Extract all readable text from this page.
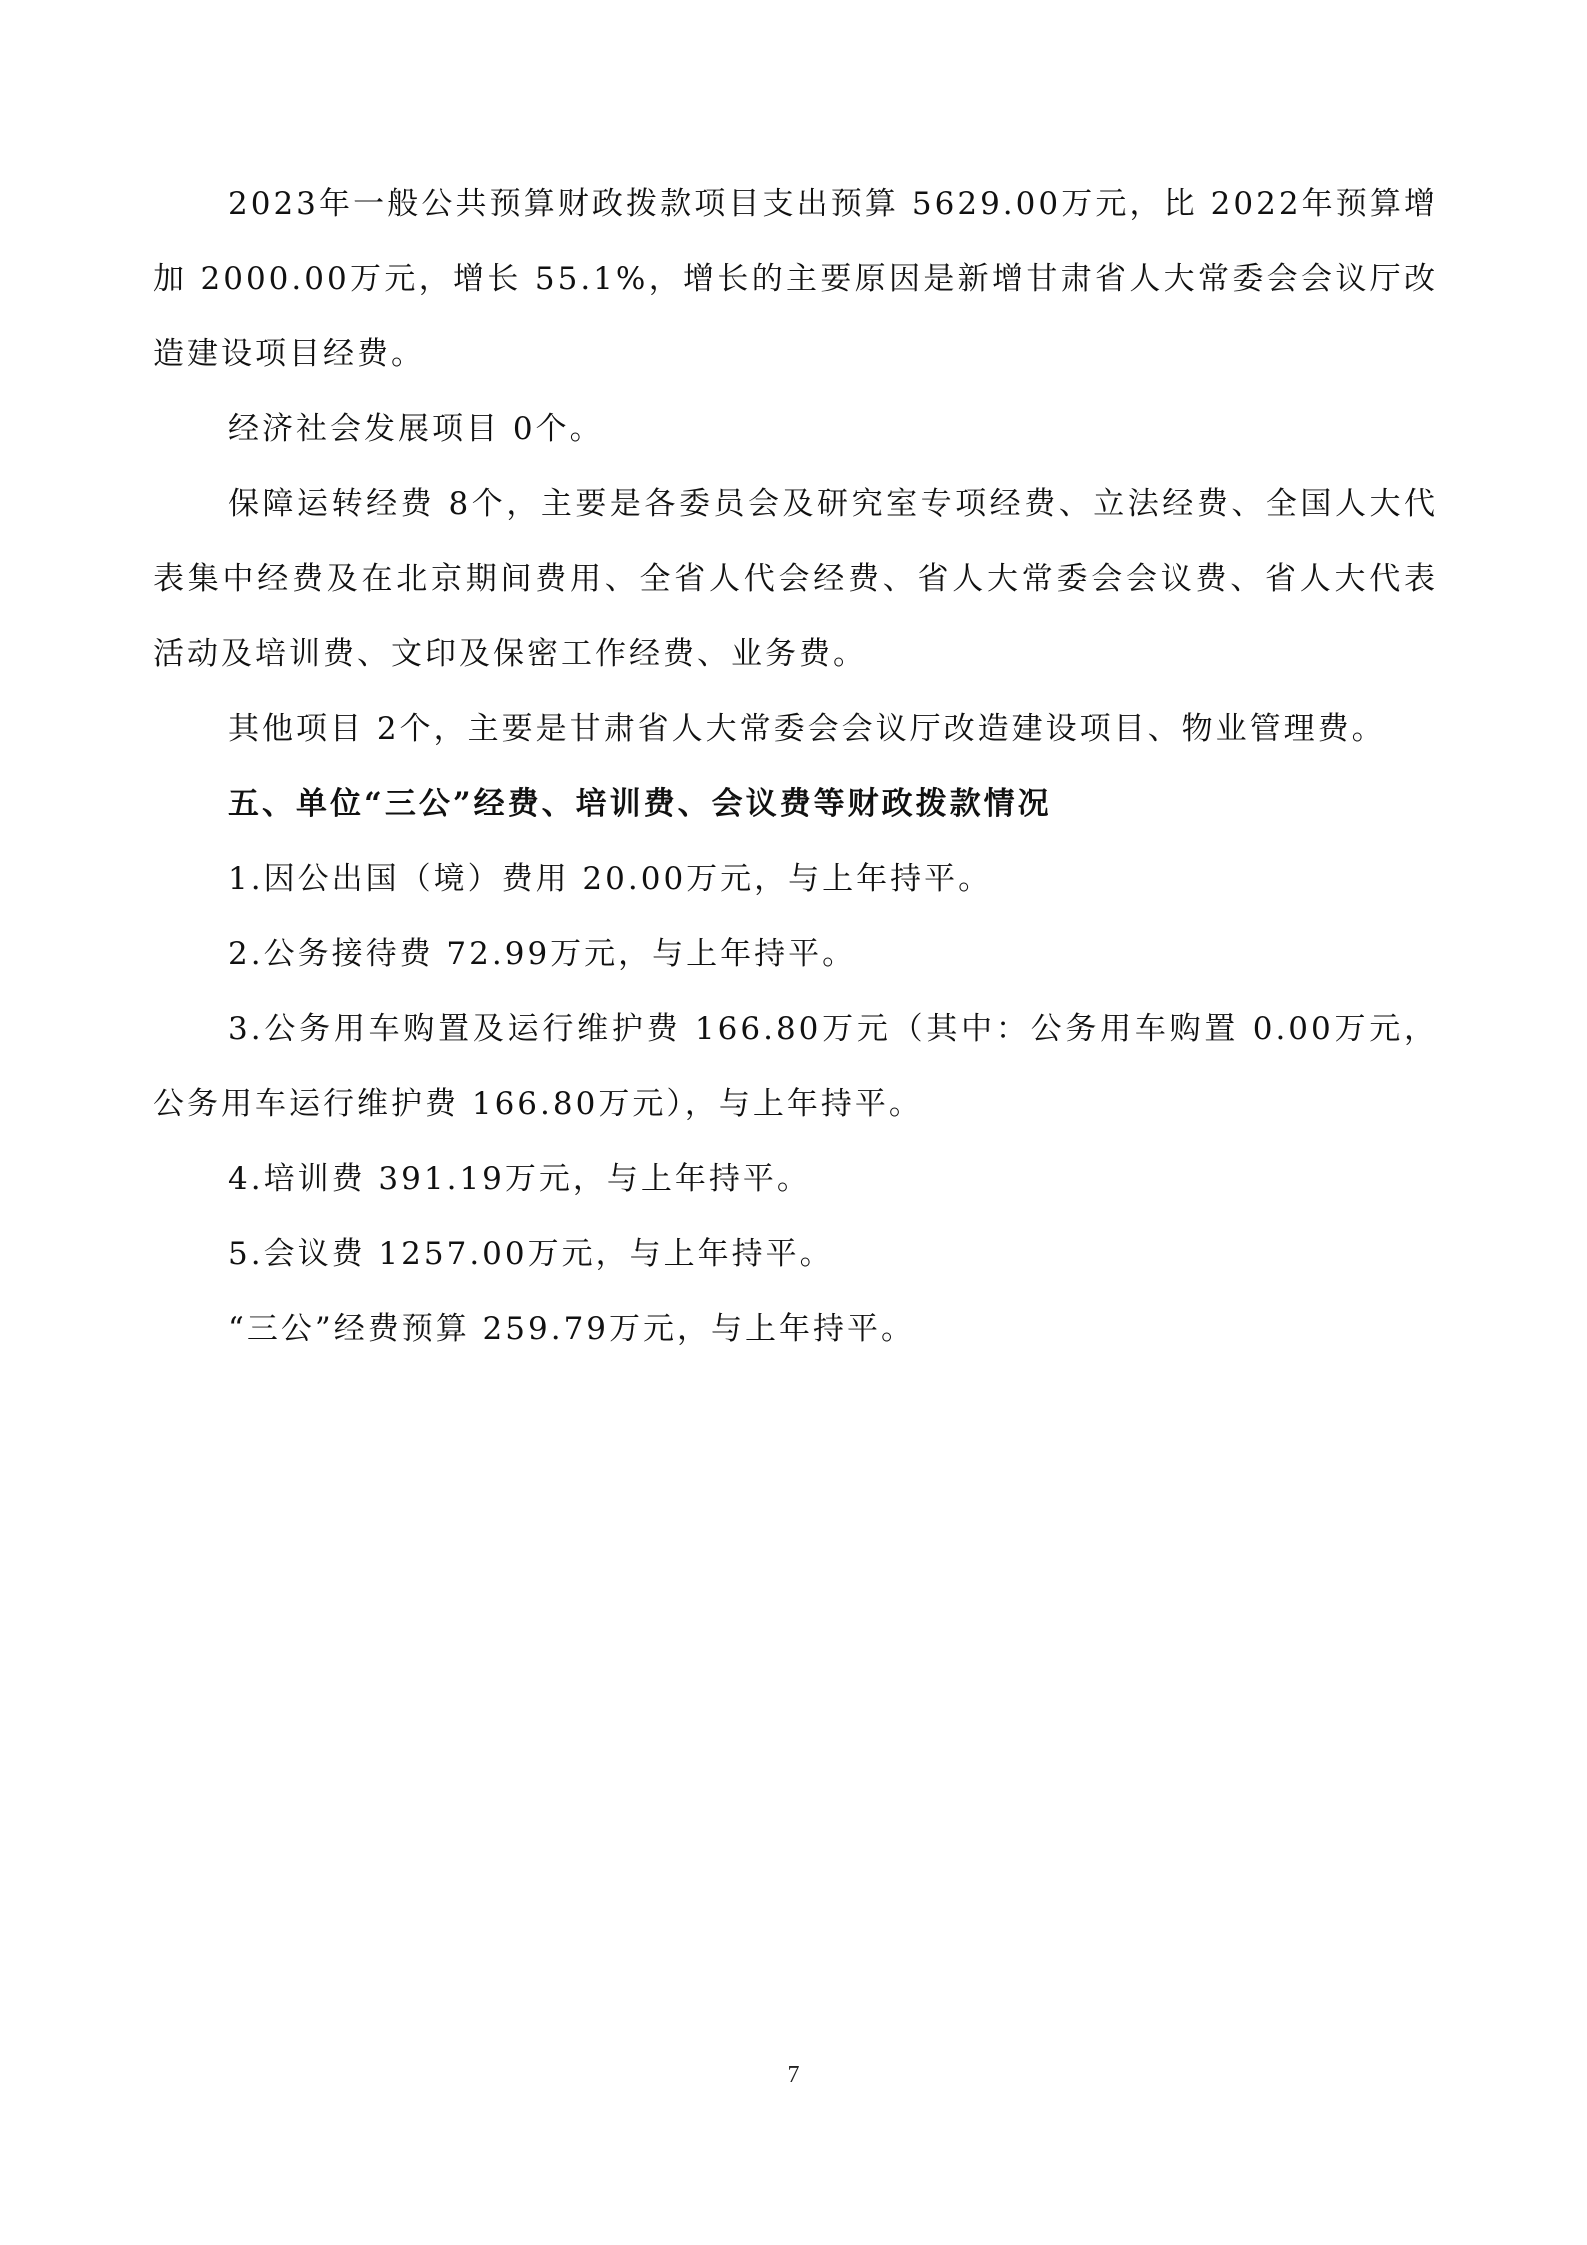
2023年一般公共预算财政拨款项目支出预算 5629.00万元，比 2022年预算增加 2000.00万元，增长 55.1%，增长的主要原因是新增甘肃省人大常委会会议厅改造建设项目经费。

经济社会发展项目 0个。

保障运转经费 8个，主要是各委员会及研究室专项经费、立法经费、全国人大代表集中经费及在北京期间费用、全省人代会经费、省人大常委会会议费、省人大代表活动及培训费、文印及保密工作经费、业务费。

其他项目 2个，主要是甘肃省人大常委会会议厅改造建设项目、物业管理费。

五、单位“三公”经费、培训费、会议费等财政拨款情况

1.因公出国（境）费用 20.00万元，与上年持平。

2.公务接待费 72.99万元，与上年持平。

3.公务用车购置及运行维护费 166.80万元（其中：公务用车购置 0.00万元，公务用车运行维护费 166.80万元），与上年持平。

4.培训费 391.19万元，与上年持平。

5.会议费 1257.00万元，与上年持平。

“三公”经费预算 259.79万元，与上年持平。

7
